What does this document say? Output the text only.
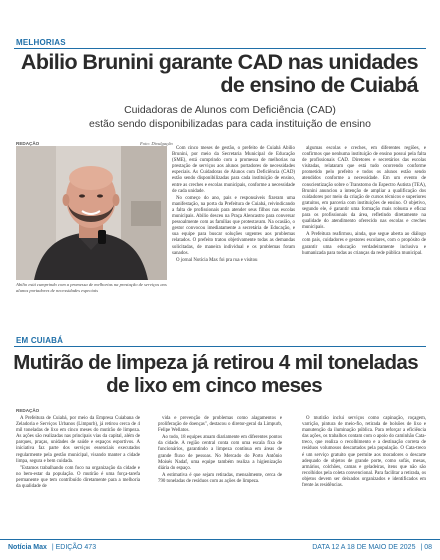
MELHORIAS
Abilio Brunini garante CAD nas unidades
de ensino de Cuiabá
Cuidadoras de Alunos com Deficiência (CAD)
estão sendo disponibilizadas para cada instituição de ensino
REDAÇÃO	Foto: Divulgação
Abilio está cumprindo com a promessa de melhorias na prestação de serviços aos alunos portadores de necessidades especiais

Com cinco meses de gestão, o prefeito de Cuiabá Abilio Brunini, por meio da Secretaria Municipal de Educação (SME), está cumprindo com a promessa de melhorias na prestação de serviços aos alunos portadores de necessidades especiais. As Cuidadoras de Alunos com Deficiência (CAD) estão sendo disponibilizadas para cada instituição de ensino, entre as creches e escolas municipais, conforme a necessidade de cada unidade.

No começo do ano, pais e responsáveis fizeram uma manifestação, na porta da Prefeitura de Cuiabá, reivindicando a falta de profissionais para atender seus filhos nas escolas municipais. Abilio desceu na Praça Alencastro para conversar pessoalmente com as famílias que protestavam. Na ocasião, o gestor convocou imediatamente a secretária de Educação, e sua equipe para buscar soluções urgentes aos problemas relatados. O prefeito tratou objetivamente todas as demandas solicitadas, de maneira individual e os problemas foram sanados.

O jornal Notícia Max foi pra rua e visitou

algumas escolas e creches, em diferentes regiões, e confirmos que nenhuma instituição de ensino possui pela falta de profissionais CAD. Diretores e secretários das escolas visitadas, relataram que está tudo ocorrendo conforme prometido pelo prefeito e todos os alunos estão sendo atendidos conforme a necessidade. Em um evento de conscientização sobre o Transtorno do Espectro Autista (TEA), Brunini anunciou a intenção de ampliar a qualificação dos cuidadores por meio da criação de cursos técnicos e superiores gratuitos, em parceria com instituições de ensino. O objetivo, segundo ele, é garantir uma formação mais robusta e eficaz para os profissionais da área, refletindo diretamente na qualidade do atendimento oferecido nas escolas e creches municipais.

A Prefeitura reafirmou, ainda, que segue aberta ao diálogo com pais, cuidadores e gestores escolares, com o propósito de garantir uma educação verdadeiramente inclusiva e humanizada para todas as crianças da rede pública municipal.

EM CUIABÁ
Mutirão de limpeza já retirou 4 mil toneladas
de lixo em cinco meses
REDAÇÃO

A Prefeitura de Cuiabá, por meio da Empresa Cuiabana de Zeladoria e Serviços Urbanos (Limpurb), já retirou cerca de 4 mil toneladas de lixo em cinco meses do mutirão de limpeza. As ações são realizadas nas principais vias da capital, além de parques, praças, unidades de saúde e espaços esportivos. A iniciativa faz parte dos serviços essenciais executados regularmente pela gestão municipal, visando manter a cidade limpa, segura e bem cuidada.

"Estamos trabalhando com foco na organização da cidade e no bem-estar da população. O mutirão é uma força-tarefa permanente que tem contribuído diretamente para a melhoria da qualidade de

vida e prevenção de problemas como alagamentos e proliferação de doenças", destacou o diretor-geral da Limpurb, Felipe Wellatos.

Ao todo, 18 equipes atuam diariamente em diferentes pontos da cidade. A região central conta com uma escala fixa de funcionários, garantindo a limpeza contínua em áreas de grande fluxo de pessoas. No Mercado do Porto Antônio Moisés Nadaf, uma equipe também realiza a higienização diária do espaço.

A estimativa é que sejam retiradas, mensalmente, cerca de 790 toneladas de resíduos com as ações de limpeza.

O mutirão inclui serviços como capinação, roçagem, varrição, pintura de meio-fio, retirada de bolsões de lixo e manutenção da iluminação pública. Para reforçar a eficiência das ações, os trabalhos contam com o apoio do caminhão Cata-treco, que realiza o recolhimento e a destinação correta de resíduos volumosos descartados pela população. O Cata-treco é um serviço gratuito que permite aos moradores o descarte adequado de objetos de grande porte, como sofás, mesas, armários, colchões, camas e geladeiras, itens que não são recolhidos pela coleta convencional. Para facilitar a retirada, os objetos devem ser deixados organizados e identificados em frente às residências.

Notícia Max | EDIÇÃO 473	DATA 12 A 18 DE MAIO DE 2025 | 08
